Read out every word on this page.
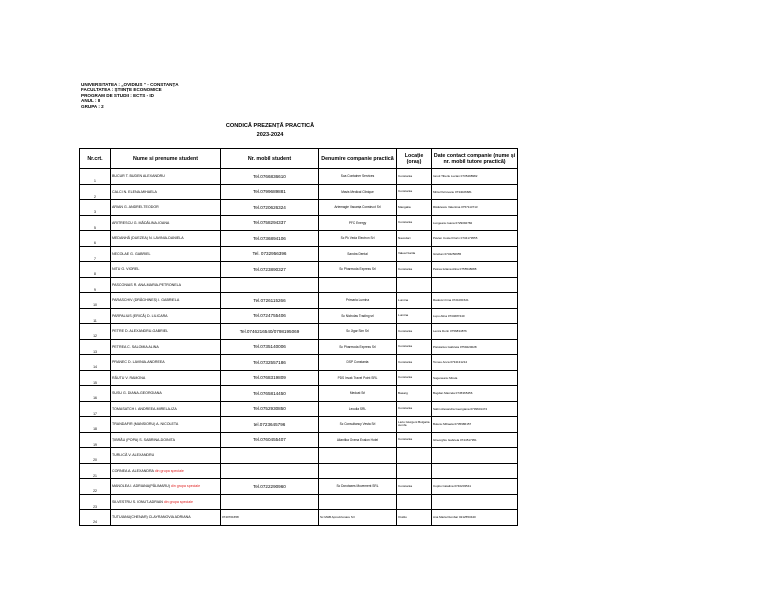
UNIVERSITATEA : „OVIDIUS “ - CONSTANȚA
FACULTATEA : ȘTIINȚE ECONOMICE
PROGRAM DE STUDII : ECTS - ID
ANUL : II
GRUPA : 2
CONDICĂ PREZENȚĂ PRACTICĂ
2023-2024
Nr.crt.	Nume si prenume student	Nr. mobil student	Denumire companie practică	Locație (oraș)	Date contact companie (nume și nr. mobil tutore practică)
1	BUCUR T. BUDEN ALEXANDRU	Tel.0766836610	Soa Container Services	Constanta	Ionuti Tiberiu Lucian 0735498982
2	CALCI N. ELENA-MIHAELA	Tel.0799689881	Mavis Medical Clinique	Constanta	Mirta Petrovanu 0734026681
3	ARIAN G. ANDREI-TEODOR	Tel.0720626324	Artemagie Vacanța Construct Srl	Mangalia	Rădulescu Valentina 0757113713
5	ARITRESCU G. MĂDĂLINA-IOANA	Tel.0758294337	PFC Energy	Constanta	Lungeanu Ioana 0729092782
6	MEDANHĂ (DUEZEA) N. LAVINIA-DANIELA	Tel.0736894106	Sc Pk Veda Electron Srl	Navodari	Pavlen Costel Florin 0734179555
7	NECOLAE G. GABRIEL	Tel. 0732956396	Sandra Dental	Valea Nucila	Gireban 0734250955
8	NITU G. VIOREL	Tel.0723890327	Sc Pharmoda Express Srl	Constanta	Petrea Iuliana Alina 0755548088
9	PASCONIAS R. ANA-MARIA-PETRONELA				
10	PARASCHIV (DRĂGHINEȘ) I. GABRIELA	Tel.0726115266	Primaria Lumina	Lumina	Radovici Irina 0721061521
11	PARPALIUS (ERICĂ) D. LILICARA	Tel.0724755406	Sc Nicholas Trading srl	Lumina	Lupu Alina 0734687440
12	PETRE D. ALEXANDRU-GABRIEL	Tel.0746216540/0798195069	Sc Jigar Sim Srl	Constanta	Lenza Dorin 0756834876
13	PETREA C. SALOMIA ALINA	Tel.0735140006	Sc Pharmoda Express Srl	Constanta	Pistolarius Gabriela 0759220028
14	PRANEC D. LAVINIA-ANDREEA	Tel.0732557186	DSP Constanta	Constanta	Tomeu Anca 0734131214
15	RĂUTU V. RAMONA	Tel.0768319809	PDS Invak Travel Point SRL	Constanta	Sugeneanu Mirela
16	SUSU G. DIANA-GEORGIANA	Tel.0765814450	Medcat Srl	Basarg	Bogdan Marcela 0745365456
17	TOMASATCH I. ANDREEA-MIRELA-IZA	Tel.0752930850	Lecuila SRL	Constanta	Salim Alexandra Georgiana 0739601474
18	TRANDAFIR (MANSIORU) A. NICOLETA	tel.0723645796	Sc Consultancy Vesta Srl	Lazu Giurgeni Bulgaria cumfa	Bulenu Mihaela 0735986157
19	ȚIBRĂU (POPA) S. SABRINA-DOINITA	Tel.0760455407	Aliantika Ovena Exalon Hotel	Constanta	Gheorghiu Gabriela 0744517951
20	TURLICĂ V. ALEXANDRU				
21	CORNEA A. ALEXANDRA din grupa speciale				
22	MANOLEA I. ADRIANA(PĂLIMARU) din grupa speciale	Tel.0722290960	Sc Dorotaxes Movement SRL	Constanta	Cupitu Catalina 0740203541
23	SILVESTRU S. IONUT-ADRIAN din grupa speciale				
24	TUTUIANU(CHENAR) CLAYRANOVIA ADRIANA	0740701658	Sc MHB Aprovizionare Srl	Ovidiu	Ana Maria Dumbar 0212553440
